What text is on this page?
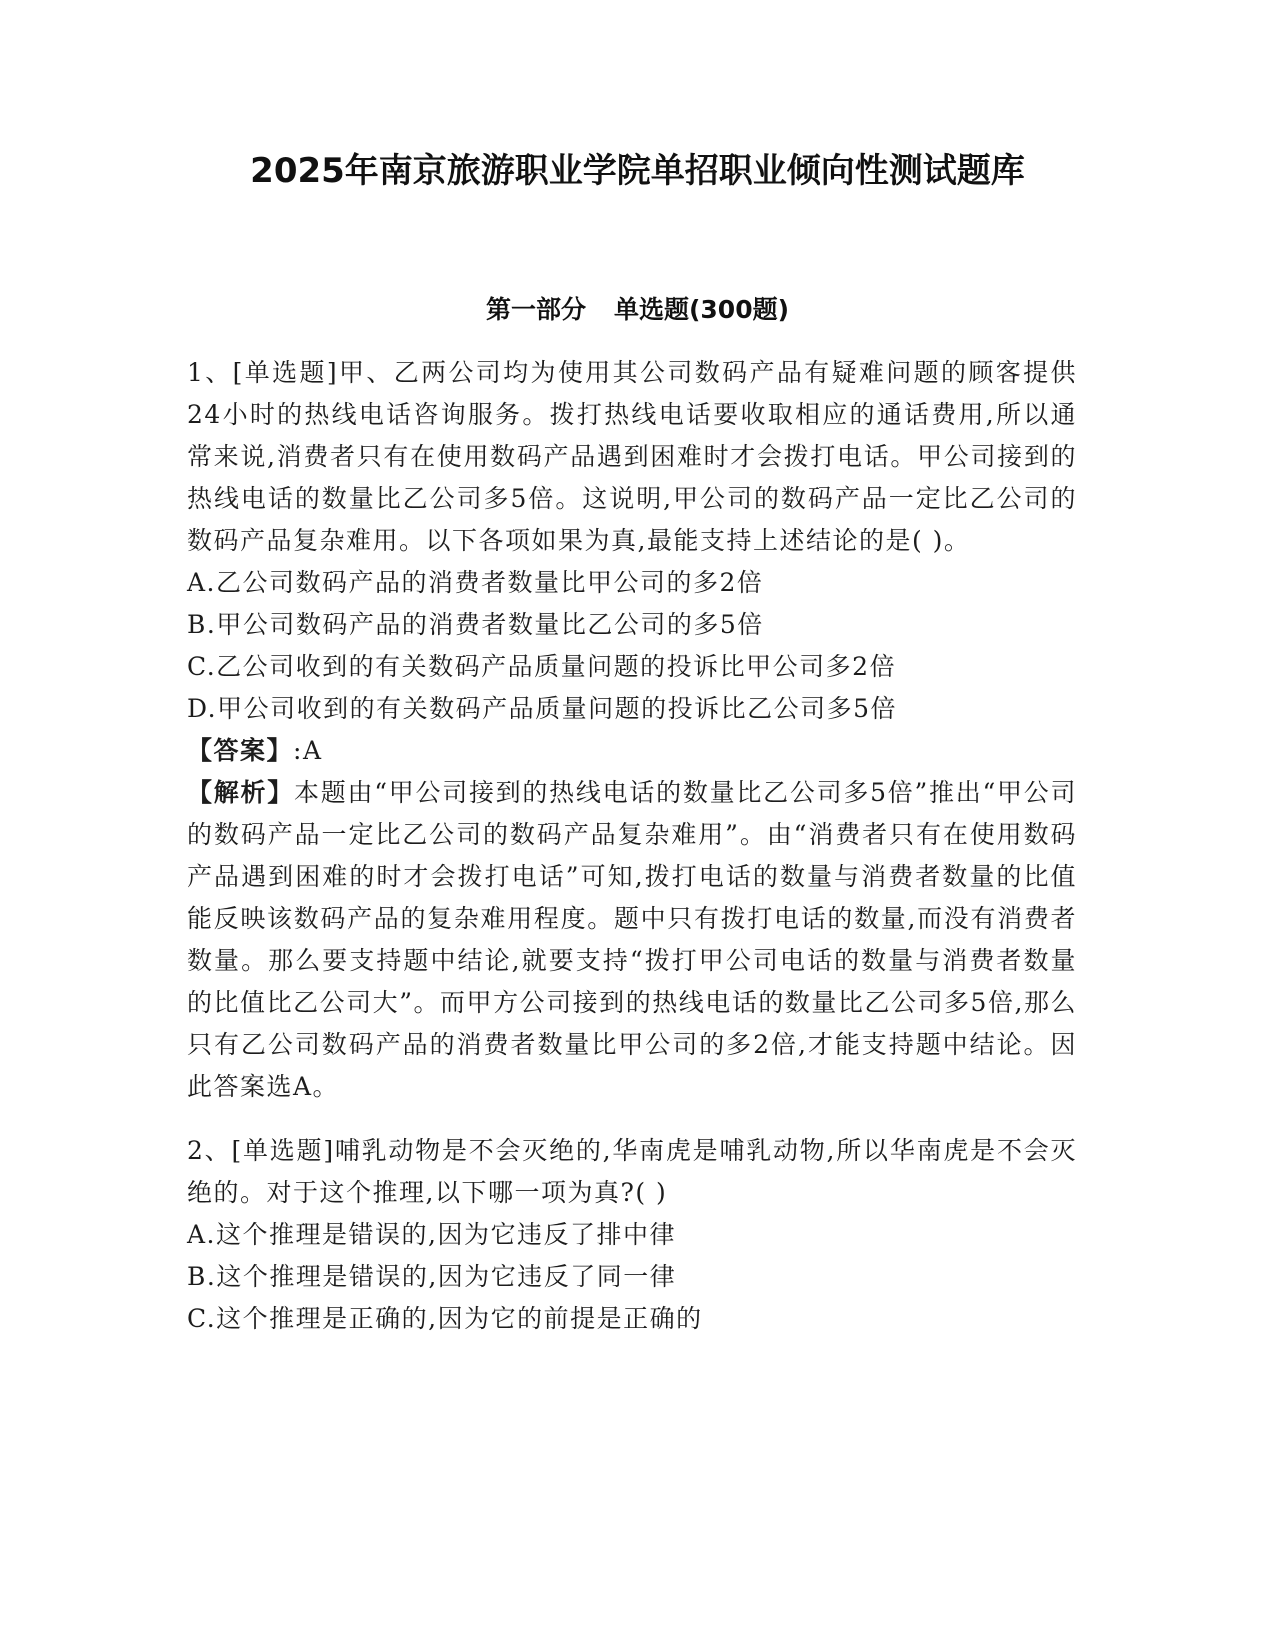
2025年南京旅游职业学院单招职业倾向性测试题库
第一部分 单选题(300题)

1、[单选题]甲、乙两公司均为使用其公司数码产品有疑难问题的顾客提供24小时的热线电话咨询服务。拨打热线电话要收取相应的通话费用,所以通常来说,消费者只有在使用数码产品遇到困难时才会拨打电话。甲公司接到的热线电话的数量比乙公司多5倍。这说明,甲公司的数码产品一定比乙公司的数码产品复杂难用。以下各项如果为真,最能支持上述结论的是( )。

A.乙公司数码产品的消费者数量比甲公司的多2倍

B.甲公司数码产品的消费者数量比乙公司的多5倍

C.乙公司收到的有关数码产品质量问题的投诉比甲公司多2倍

D.甲公司收到的有关数码产品质量问题的投诉比乙公司多5倍

【答案】:A

【解析】本题由“甲公司接到的热线电话的数量比乙公司多5倍”推出“甲公司的数码产品一定比乙公司的数码产品复杂难用”。由“消费者只有在使用数码产品遇到困难的时才会拨打电话”可知,拨打电话的数量与消费者数量的比值能反映该数码产品的复杂难用程度。题中只有拨打电话的数量,而没有消费者数量。那么要支持题中结论,就要支持“拨打甲公司电话的数量与消费者数量的比值比乙公司大”。而甲方公司接到的热线电话的数量比乙公司多5倍,那么只有乙公司数码产品的消费者数量比甲公司的多2倍,才能支持题中结论。因此答案选A。

2、[单选题]哺乳动物是不会灭绝的,华南虎是哺乳动物,所以华南虎是不会灭绝的。对于这个推理,以下哪一项为真?( )

A.这个推理是错误的,因为它违反了排中律

B.这个推理是错误的,因为它违反了同一律

C.这个推理是正确的,因为它的前提是正确的
